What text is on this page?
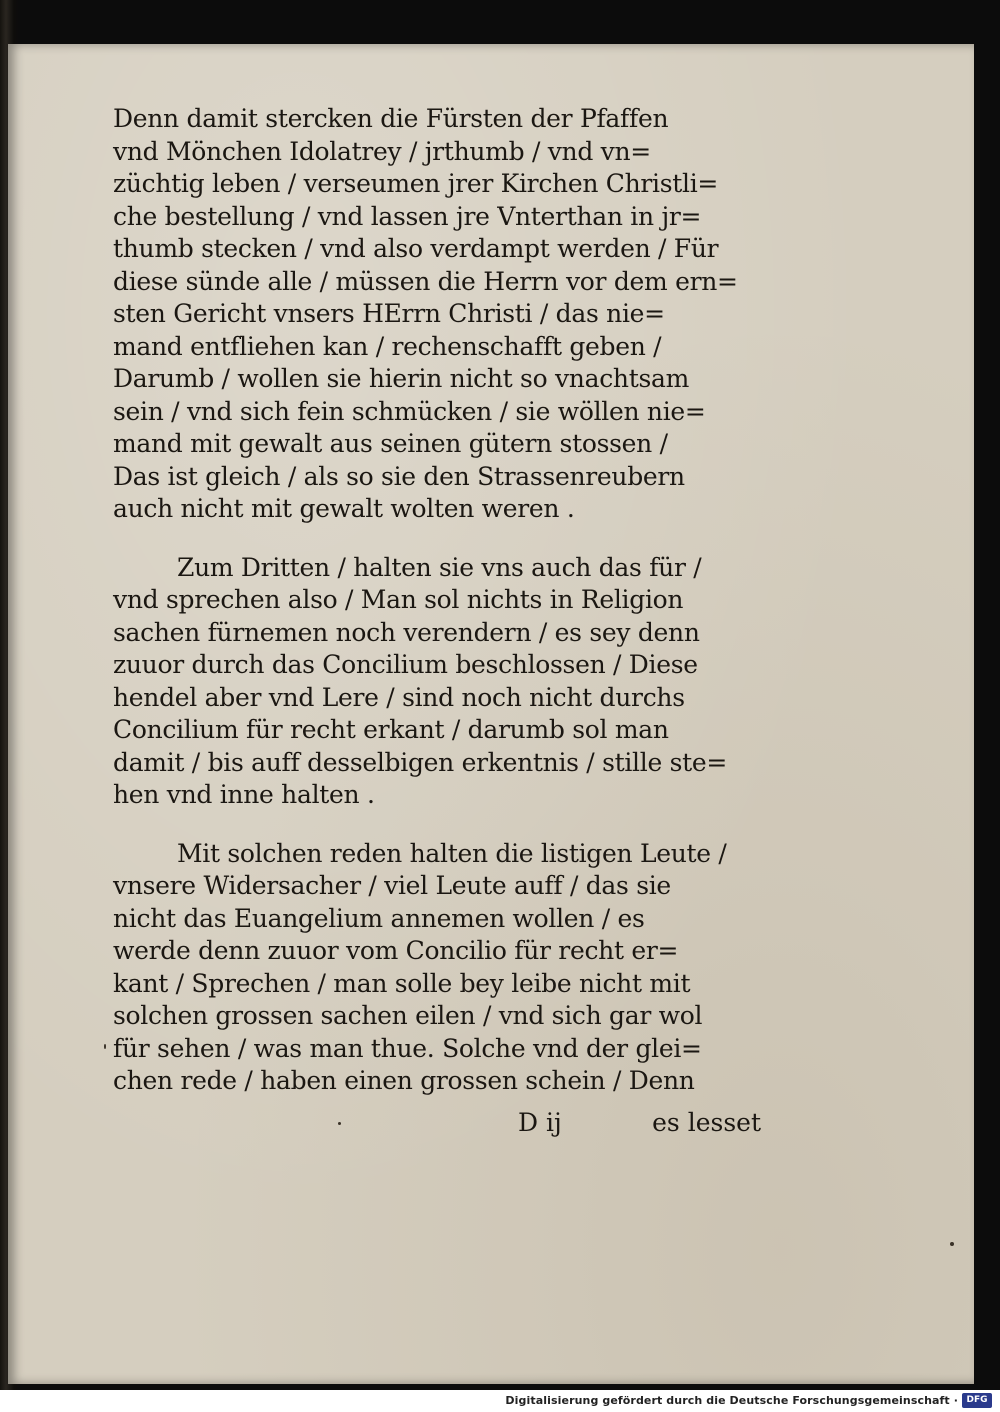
Denn damit stercken die Fürsten der Pfaffen
vnd Mönchen Idolatrey / jrthumb / vnd vn=
züchtig leben / verseumen jrer Kirchen Christli=
che bestellung / vnd lassen jre Vnterthan in jr=
thumb stecken / vnd also verdampt werden / Für
diese sünde alle / müssen die Herrn vor dem ern=
sten Gericht vnsers HErrn Christi / das nie=
mand entfliehen kan / rechenschafft geben /
Darumb / wollen sie hierin nicht so vnachtsam
sein / vnd sich fein schmücken / sie wöllen nie=
mand mit gewalt aus seinen gütern stossen /
Das ist gleich / als so sie den Strassenreubern
auch nicht mit gewalt wolten weren .
Zum Dritten / halten sie vns auch das für /
vnd sprechen also / Man sol nichts in Religion
sachen fürnemen noch verendern / es sey denn
zuuor durch das Concilium beschlossen / Diese
hendel aber vnd Lere / sind noch nicht durchs
Concilium für recht erkant / darumb sol man
damit / bis auff desselbigen erkentnis / stille ste=
hen vnd inne halten .
Mit solchen reden halten die listigen Leute /
vnsere Widersacher / viel Leute auff / das sie
nicht das Euangelium annemen wollen / es
werde denn zuuor vom Concilio für recht er=
kant / Sprechen / man solle bey leibe nicht mit
solchen grossen sachen eilen / vnd sich gar wol
für sehen / was man thue. Solche vnd der glei=
chen rede / haben einen grossen schein / Denn
D ij	es lesset
Digitalisierung gefördert durch die Deutsche Forschungsgemeinschaft · DFG
